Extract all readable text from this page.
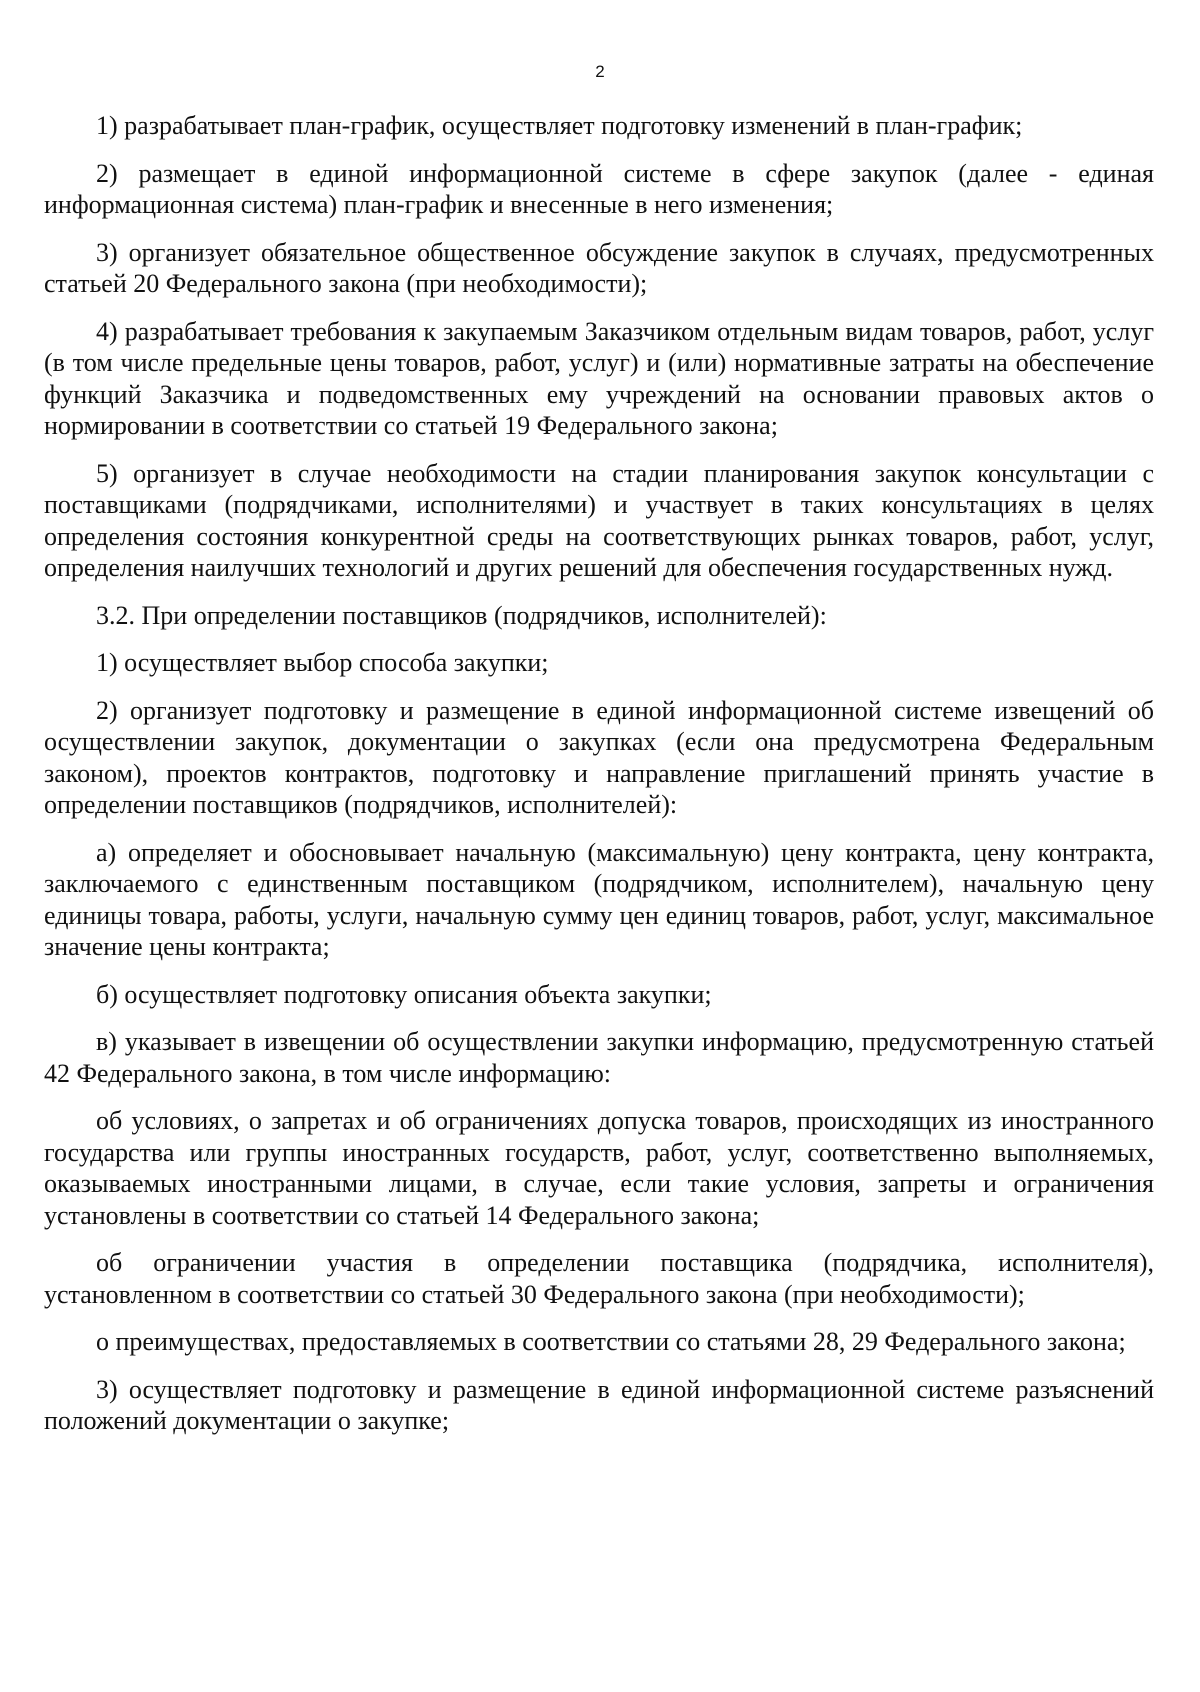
2

1) разрабатывает план-график, осуществляет подготовку изменений в план-график;

2) размещает в единой информационной системе в сфере закупок (далее - единая информационная система) план-график и внесенные в него изменения;

3) организует обязательное общественное обсуждение закупок в случаях, предусмотренных статьей 20 Федерального закона (при необходимости);

4) разрабатывает требования к закупаемым Заказчиком отдельным видам товаров, работ, услуг (в том числе предельные цены товаров, работ, услуг) и (или) нормативные затраты на обеспечение функций Заказчика и подведомственных ему учреждений на основании правовых актов о нормировании в соответствии со статьей 19 Федерального закона;

5) организует в случае необходимости на стадии планирования закупок консультации с поставщиками (подрядчиками, исполнителями) и участвует в таких консультациях в целях определения состояния конкурентной среды на соответствующих рынках товаров, работ, услуг, определения наилучших технологий и других решений для обеспечения государственных нужд.

3.2. При определении поставщиков (подрядчиков, исполнителей):

1) осуществляет выбор способа закупки;

2) организует подготовку и размещение в единой информационной системе извещений об осуществлении закупок, документации о закупках (если она предусмотрена Федеральным законом), проектов контрактов, подготовку и направление приглашений принять участие в определении поставщиков (подрядчиков, исполнителей):

а) определяет и обосновывает начальную (максимальную) цену контракта, цену контракта, заключаемого с единственным поставщиком (подрядчиком, исполнителем), начальную цену единицы товара, работы, услуги, начальную сумму цен единиц товаров, работ, услуг, максимальное значение цены контракта;

б) осуществляет подготовку описания объекта закупки;

в) указывает в извещении об осуществлении закупки информацию, предусмотренную статьей 42 Федерального закона, в том числе информацию:

об условиях, о запретах и об ограничениях допуска товаров, происходящих из иностранного государства или группы иностранных государств, работ, услуг, соответственно выполняемых, оказываемых иностранными лицами, в случае, если такие условия, запреты и ограничения установлены в соответствии со статьей 14 Федерального закона;

об ограничении участия в определении поставщика (подрядчика, исполнителя), установленном в соответствии со статьей 30 Федерального закона (при необходимости);

о преимуществах, предоставляемых в соответствии со статьями 28, 29 Федерального закона;

3) осуществляет подготовку и размещение в единой информационной системе разъяснений положений документации о закупке;
